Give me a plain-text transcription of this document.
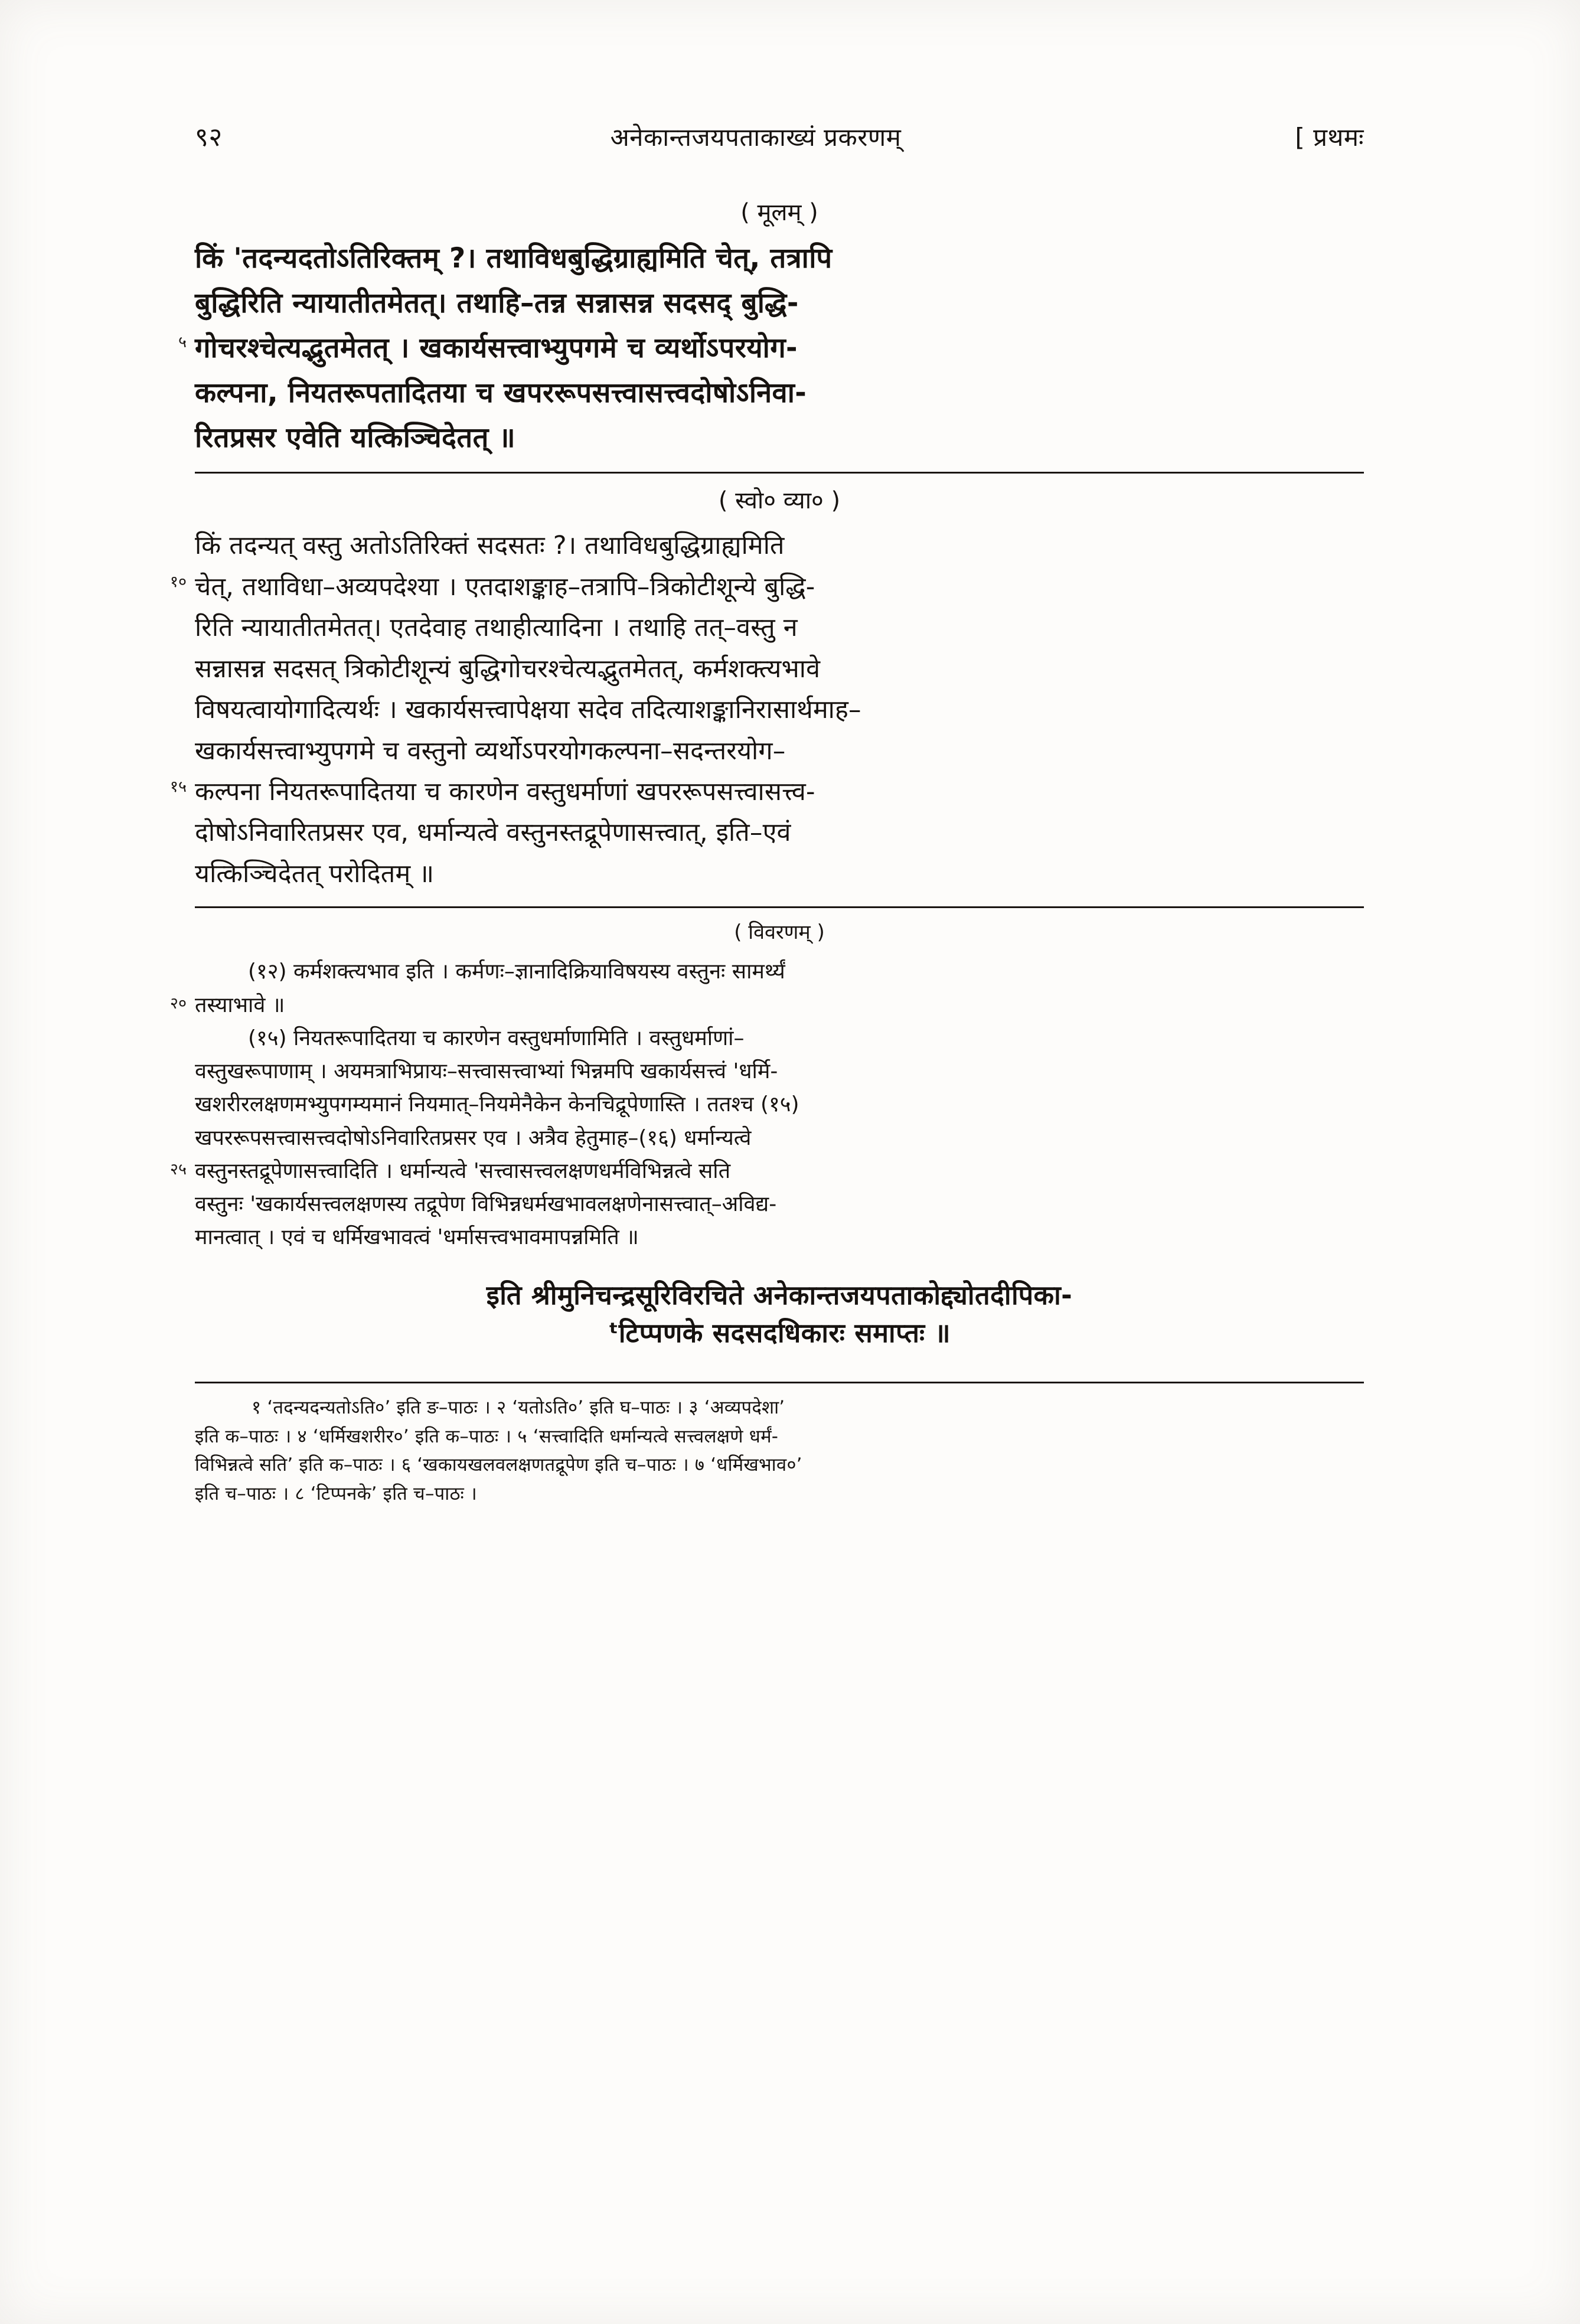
९२	अनेकान्तजयपताकाख्यं प्रकरणम्	[ प्रथमः
( मूलम् )
किं 'तदन्यदतोऽतिरिक्तम् ?। तथाविधबुद्धिग्राह्यमिति चेत्, तत्रापि
बुद्धिरिति न्यायातीतमेतत्। तथाहि–तन्न सन्नासन्न सदसद् बुद्धि-
५ गोचरश्चेत्यद्भुतमेतत् । खकार्यसत्त्वाभ्युपगमे च व्यर्थोऽपरयोग-
कल्पना, नियतरूपतादितया च खपररूपसत्त्वासत्त्वदोषोऽनिवा-
रितप्रसर एवेति यत्किञ्चिदेतत् ॥
( स्वो० व्या० )
किं तदन्यत् वस्तु अतोऽतिरिक्तं सदसतः ?। तथाविधबुद्धिग्राह्यमिति
१० चेत्, तथाविधा–अव्यपदेश्या । एतदाशङ्काह–तत्रापि–त्रिकोटीशून्ये बुद्धि-
रिति न्यायातीतमेतत्। एतदेवाह तथाहीत्यादिना । तथाहि तत्–वस्तु न
सन्नासन्न सदसत् त्रिकोटीशून्यं बुद्धिगोचरश्चेत्यद्भुतमेतत्, कर्मशक्त्यभावे
विषयत्वायोगादित्यर्थः । खकार्यसत्त्वापेक्षया सदेव तदित्याशङ्कानिरासार्थमाह–
खकार्यसत्त्वाभ्युपगमे च वस्तुनो व्यर्थोऽपरयोगकल्पना–सदन्तरयोग–
१५ कल्पना नियतरूपादितया च कारणेन वस्तुधर्माणां खपररूपसत्त्वासत्त्व-
दोषोऽनिवारितप्रसर एव, धर्मान्यत्वे वस्तुनस्तद्रूपेणासत्त्वात्, इति–एवं
यत्किञ्चिदेतत् परोदितम् ॥
( विवरणम् )
(१२) कर्मशक्त्यभाव इति । कर्मणः–ज्ञानादिक्रियाविषयस्य वस्तुनः सामर्थ्यं
२० तस्याभावे ॥
(१५) नियतरूपादितया च कारणेन वस्तुधर्माणामिति । वस्तुधर्माणां–
वस्तुखरूपाणाम् । अयमत्राभिप्रायः–सत्त्वासत्त्वाभ्यां भिन्नमपि खकार्यसत्त्वं 'धर्मि-
खशरीरलक्षणमभ्युपगम्यमानं नियमात्–नियमेनैकेन केनचिद्रूपेणास्ति । ततश्च (१५)
खपररूपसत्त्वासत्त्वदोषोऽनिवारितप्रसर एव । अत्रैव हेतुमाह–(१६) धर्मान्यत्वे
२५ वस्तुनस्तद्रूपेणासत्त्वादिति । धर्मान्यत्वे 'सत्त्वासत्त्वलक्षणधर्मविभिन्नत्वे सति
वस्तुनः 'खकार्यसत्त्वलक्षणस्य तद्रूपेण विभिन्नधर्मखभावलक्षणेनासत्त्वात्–अविद्य-
मानत्वात् । एवं च धर्मिखभावत्वं 'धर्मासत्त्वभावमापन्नमिति ॥
इति श्रीमुनिचन्द्रसूरिविरचिते अनेकान्तजयपताकोद्द्योतदीपिका-
ᵗटिप्पणके सदसदधिकारः समाप्तः ॥
१ ‘तदन्यदन्यतोऽति०’ इति ङ–पाठः । २ ‘यतोऽति०’ इति घ–पाठः । ३ ‘अव्यपदेशा’
इति क–पाठः । ४ ‘धर्मिखशरीर०’ इति क–पाठः । ५ ‘सत्त्वादिति धर्मान्यत्वे सत्त्वलक्षणे धर्मं-
विभिन्नत्वे सति’ इति क–पाठः । ६ ‘खकायखलवलक्षणतद्रूपेण इति च–पाठः । ७ ‘धर्मिखभाव०’
इति च–पाठः । ८ ‘टिप्पनके’ इति च–पाठः ।
